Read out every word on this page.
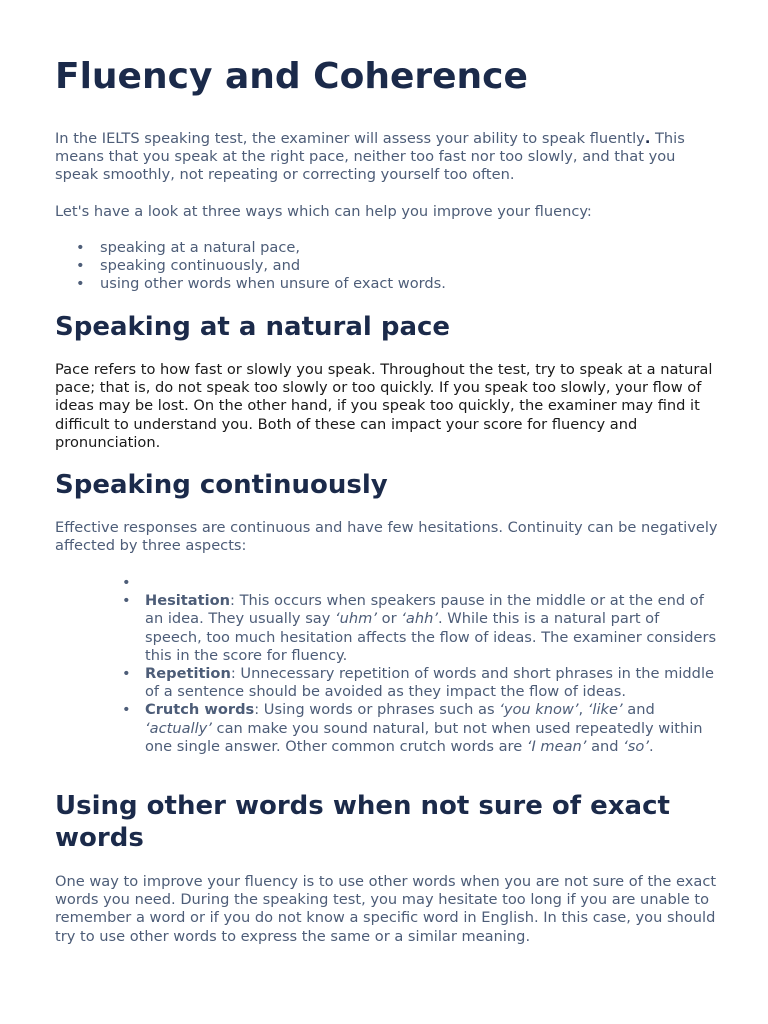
Fluency and Coherence

In the IELTS speaking test, the examiner will assess your ability to speak fluently. This means that you speak at the right pace, neither too fast nor too slowly, and that you speak smoothly, not repeating or correcting yourself too often.

Let's have a look at three ways which can help you improve your fluency:

• speaking at a natural pace,
• speaking continuously, and
• using other words when unsure of exact words.
Speaking at a natural pace

Pace refers to how fast or slowly you speak. Throughout the test, try to speak at a natural pace; that is, do not speak too slowly or too quickly. If you speak too slowly, your flow of ideas may be lost. On the other hand, if you speak too quickly, the examiner may find it difficult to understand you. Both of these can impact your score for fluency and pronunciation.

Speaking continuously

Effective responses are continuous and have few hesitations. Continuity can be negatively affected by three aspects:

•

• Hesitation: This occurs when speakers pause in the middle or at the end of an idea. They usually say ‘uhm’ or ‘ahh’. While this is a natural part of speech, too much hesitation affects the flow of ideas. The examiner considers this in the score for fluency.
• Repetition: Unnecessary repetition of words and short phrases in the middle of a sentence should be avoided as they impact the flow of ideas.
• Crutch words: Using words or phrases such as ‘you know’, ‘like’ and ‘actually’ can make you sound natural, but not when used repeatedly within one single answer. Other common crutch words are ‘I mean’ and ‘so’.
Using other words when not sure of exact words

One way to improve your fluency is to use other words when you are not sure of the exact words you need. During the speaking test, you may hesitate too long if you are unable to remember a word or if you do not know a specific word in English. In this case, you should try to use other words to express the same or a similar meaning.
